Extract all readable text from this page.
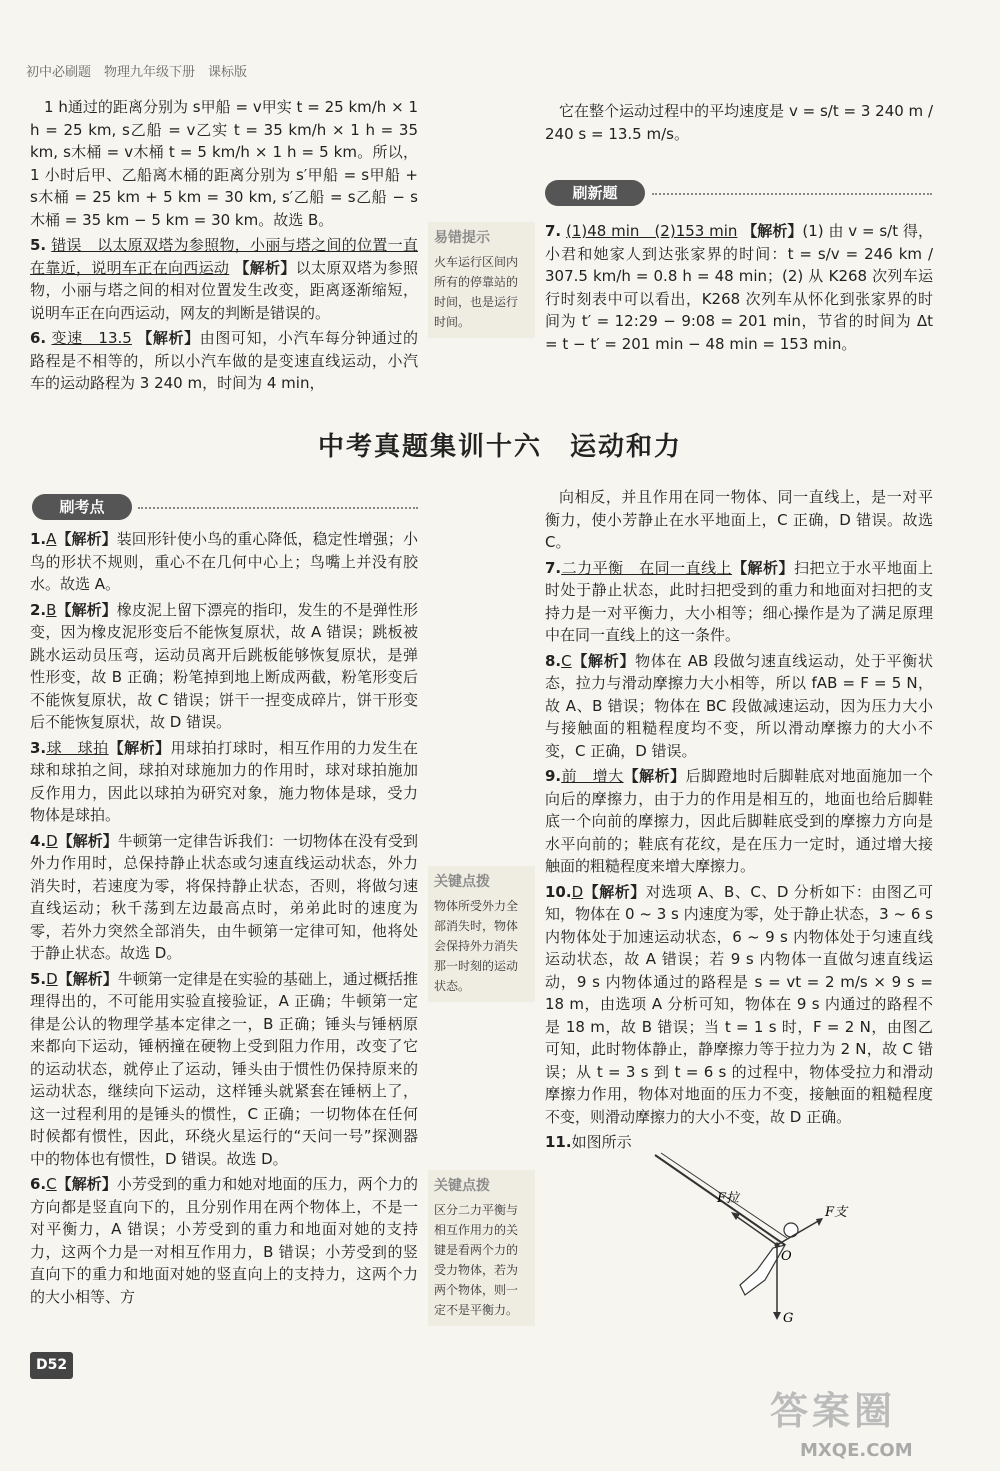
初中必刷题　物理九年级下册　课标版

1 h通过的距离分别为 s甲船 = v甲实 t = 25 km/h × 1 h = 25 km, s乙船 = v乙实 t = 35 km/h × 1 h = 35 km, s木桶 = v木桶 t = 5 km/h × 1 h = 5 km。所以，1 小时后甲、乙船离木桶的距离分别为 s′甲船 = s甲船 + s木桶 = 25 km + 5 km = 30 km, s′乙船 = s乙船 − s木桶 = 35 km − 5 km = 30 km。故选 B。

5. 错误　以太原双塔为参照物，小丽与塔之间的位置一直在靠近，说明车正在向西运动 【解析】以太原双塔为参照物，小丽与塔之间的相对位置发生改变，距离逐渐缩短，说明车正在向西运动，网友的判断是错误的。

6. 变速　13.5 【解析】由图可知，小汽车每分钟通过的路程是不相等的，所以小汽车做的是变速直线运动，小汽车的运动路程为 3 240 m，时间为 4 min，

易错提示
火车运行区间内所有的停靠站的时间，也是运行时间。

它在整个运动过程中的平均速度是 v = s/t = 3 240 m / 240 s = 13.5 m/s。

刷新题

7. (1)48 min　(2)153 min 【解析】(1) 由 v = s/t 得，小君和她家人到达张家界的时间：t = s/v = 246 km / 307.5 km/h = 0.8 h = 48 min；(2) 从 K268 次列车运行时刻表中可以看出，K268 次列车从怀化到张家界的时间为 t′ = 12:29 − 9:08 = 201 min，节省的时间为 Δt = t − t′ = 201 min − 48 min = 153 min。

中考真题集训十六　运动和力
刷考点

1.A【解析】装回形针使小鸟的重心降低，稳定性增强；小鸟的形状不规则，重心不在几何中心上；鸟嘴上并没有胶水。故选 A。

2.B【解析】橡皮泥上留下漂亮的指印，发生的不是弹性形变，因为橡皮泥形变后不能恢复原状，故 A 错误；跳板被跳水运动员压弯，运动员离开后跳板能够恢复原状，是弹性形变，故 B 正确；粉笔掉到地上断成两截，粉笔形变后不能恢复原状，故 C 错误；饼干一捏变成碎片，饼干形变后不能恢复原状，故 D 错误。

3.球　球拍【解析】用球拍打球时，相互作用的力发生在球和球拍之间，球拍对球施加力的作用时，球对球拍施加反作用力，因此以球拍为研究对象，施力物体是球，受力物体是球拍。

4.D【解析】牛顿第一定律告诉我们：一切物体在没有受到外力作用时，总保持静止状态或匀速直线运动状态，外力消失时，若速度为零，将保持静止状态，否则，将做匀速直线运动；秋千荡到左边最高点时，弟弟此时的速度为零，若外力突然全部消失，由牛顿第一定律可知，他将处于静止状态。故选 D。

5.D【解析】牛顿第一定律是在实验的基础上，通过概括推理得出的，不可能用实验直接验证，A 正确；牛顿第一定律是公认的物理学基本定律之一，B 正确；锤头与锤柄原来都向下运动，锤柄撞在硬物上受到阻力作用，改变了它的运动状态，就停止了运动，锤头由于惯性仍保持原来的运动状态，继续向下运动，这样锤头就紧套在锤柄上了，这一过程利用的是锤头的惯性，C 正确；一切物体在任何时候都有惯性，因此，环绕火星运行的“天问一号”探测器中的物体也有惯性，D 错误。故选 D。

6.C【解析】小芳受到的重力和她对地面的压力，两个力的方向都是竖直向下的，且分别作用在两个物体上，不是一对平衡力，A 错误；小芳受到的重力和地面对她的支持力，这两个力是一对相互作用力，B 错误；小芳受到的竖直向下的重力和地面对她的竖直向上的支持力，这两个力的大小相等、方

关键点拨
物体所受外力全部消失时，物体会保持外力消失那一时刻的运动状态。
关键点拨
区分二力平衡与相互作用力的关键是看两个力的受力物体，若为两个物体，则一定不是平衡力。

向相反，并且作用在同一物体、同一直线上，是一对平衡力，使小芳静止在水平地面上，C 正确，D 错误。故选 C。

7.二力平衡　在同一直线上【解析】扫把立于水平地面上时处于静止状态，此时扫把受到的重力和地面对扫把的支持力是一对平衡力，大小相等；细心操作是为了满足原理中在同一直线上的这一条件。

8.C【解析】物体在 AB 段做匀速直线运动，处于平衡状态，拉力与滑动摩擦力大小相等，所以 fAB = F = 5 N，故 A、B 错误；物体在 BC 段做减速运动，因为压力大小与接触面的粗糙程度均不变，所以滑动摩擦力的大小不变，C 正确，D 错误。

9.前　增大【解析】后脚蹬地时后脚鞋底对地面施加一个向后的摩擦力，由于力的作用是相互的，地面也给后脚鞋底一个向前的摩擦力，因此后脚鞋底受到的摩擦力方向是水平向前的；鞋底有花纹，是在压力一定时，通过增大接触面的粗糙程度来增大摩擦力。

10.D【解析】对选项 A、B、C、D 分析如下：由图乙可知，物体在 0 ~ 3 s 内速度为零，处于静止状态，3 ~ 6 s 内物体处于加速运动状态，6 ~ 9 s 内物体处于匀速直线运动状态，故 A 错误；若 9 s 内物体一直做匀速直线运动，9 s 内物体通过的路程是 s = vt = 2 m/s × 9 s = 18 m，由选项 A 分析可知，物体在 9 s 内通过的路程不是 18 m，故 B 错误；当 t = 1 s 时，F = 2 N，由图乙可知，此时物体静止，静摩擦力等于拉力为 2 N，故 C 错误；从 t = 3 s 到 t = 6 s 的过程中，物体受拉力和滑动摩擦力作用，物体对地面的压力不变，接触面的粗糙程度不变，则滑动摩擦力的大小不变，故 D 正确。

11.如图所示

F拉
F支
O
G
D52
答案圈
MXQE.COM
